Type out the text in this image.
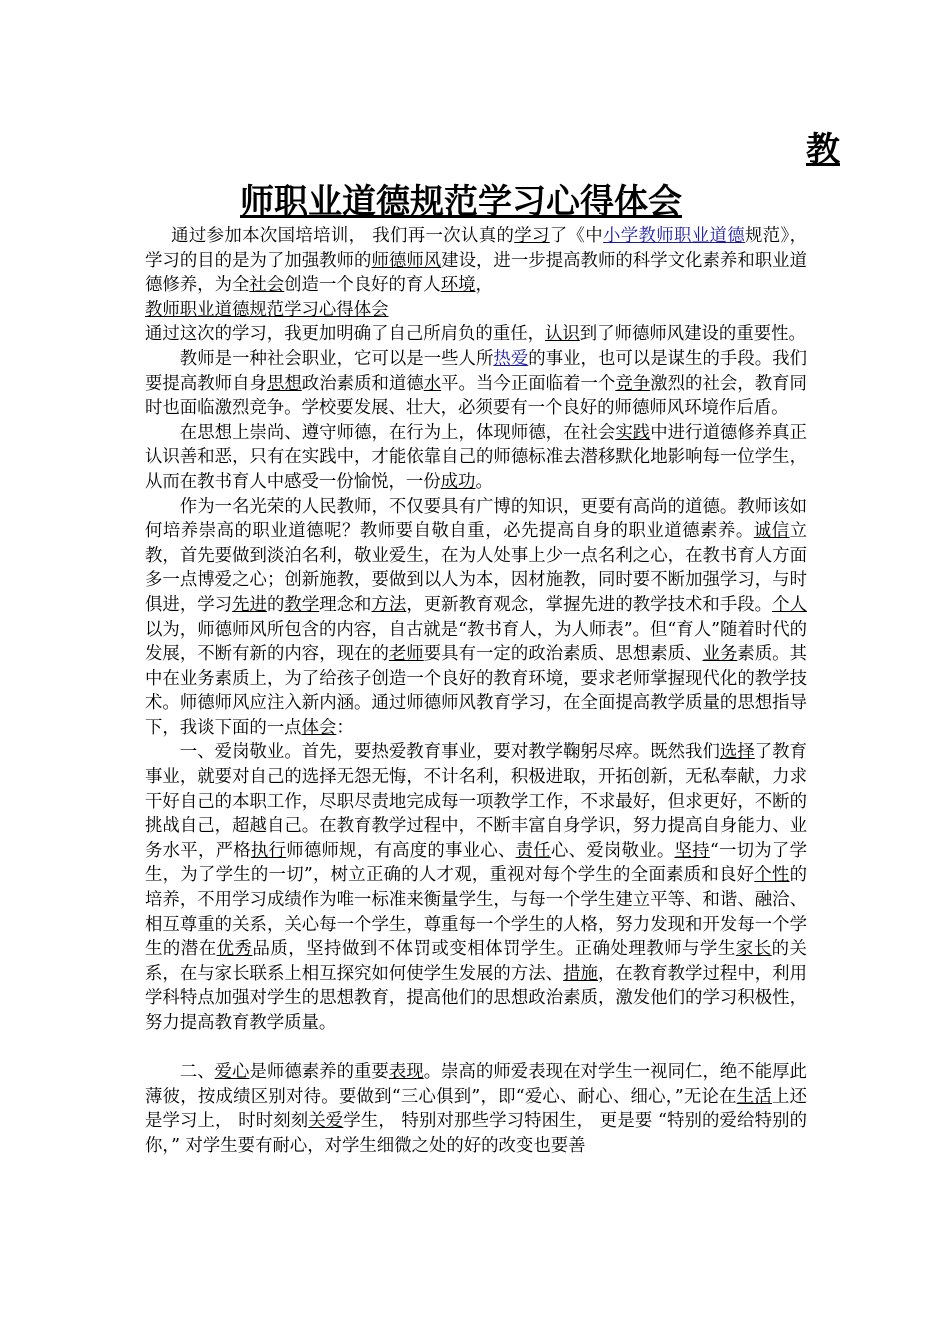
教
师职业道德规范学习心得体会

通过参加本次国培培训， 我们再一次认真的学习了《中小学教师职业道德规范》，学习的目的是为了加强教师的师德师风建设，进一步提高教师的科学文化素养和职业道德修养，为全社会创造一个良好的育人环境，

教师职业道德规范学习心得体会

通过这次的学习，我更加明确了自己所肩负的重任，认识到了师德师风建设的重要性。

教师是一种社会职业，它可以是一些人所热爱的事业，也可以是谋生的手段。我们要提高教师自身思想政治素质和道德水平。当今正面临着一个竞争激烈的社会，教育同时也面临激烈竞争。学校要发展、壮大，必须要有一个良好的师德师风环境作后盾。

在思想上崇尚、遵守师德，在行为上，体现师德，在社会实践中进行道德修养真正认识善和恶，只有在实践中，才能依靠自己的师德标准去潜移默化地影响每一位学生，从而在教书育人中感受一份愉悦，一份成功。

作为一名光荣的人民教师，不仅要具有广博的知识，更要有高尚的道德。教师该如何培养崇高的职业道德呢？教师要自敬自重，必先提高自身的职业道德素养。诚信立教，首先要做到淡泊名利，敬业爱生，在为人处事上少一点名利之心，在教书育人方面多一点博爱之心；创新施教，要做到以人为本，因材施教，同时要不断加强学习，与时俱进，学习先进的教学理念和方法，更新教育观念，掌握先进的教学技术和手段。个人以为，师德师风所包含的内容，自古就是“教书育人，为人师表”。但“育人”随着时代的发展，不断有新的内容，现在的老师要具有一定的政治素质、思想素质、业务素质。其中在业务素质上，为了给孩子创造一个良好的教育环境，要求老师掌握现代化的教学技术。师德师风应注入新内涵。通过师德师风教育学习，在全面提高教学质量的思想指导下，我谈下面的一点体会：

一、爱岗敬业。首先，要热爱教育事业，要对教学鞠躬尽瘁。既然我们选择了教育事业，就要对自己的选择无怨无悔，不计名利，积极进取，开拓创新，无私奉献，力求干好自己的本职工作，尽职尽责地完成每一项教学工作，不求最好，但求更好，不断的挑战自己，超越自己。在教育教学过程中，不断丰富自身学识，努力提高自身能力、业务水平，严格执行师德师规，有高度的事业心、责任心、爱岗敬业。坚持“一切为了学生，为了学生的一切”，树立正确的人才观，重视对每个学生的全面素质和良好个性的培养，不用学习成绩作为唯一标准来衡量学生，与每一个学生建立平等、和谐、融洽、相互尊重的关系，关心每一个学生，尊重每一个学生的人格，努力发现和开发每一个学生的潜在优秀品质，坚持做到不体罚或变相体罚学生。正确处理教师与学生家长的关系，在与家长联系上相互探究如何使学生发展的方法、措施，在教育教学过程中，利用学科特点加强对学生的思想教育，提高他们的思想政治素质，激发他们的学习积极性，努力提高教育教学质量。

二、爱心是师德素养的重要表现。崇高的师爱表现在对学生一视同仁，绝不能厚此薄彼，按成绩区别对待。要做到“三心俱到”，即“爱心、耐心、细心，”无论在生活上还是学习上， 时时刻刻关爱学生， 特别对那些学习特困生， 更是要 “特别的爱给特别的你，” 对学生要有耐心，对学生细微之处的好的改变也要善
